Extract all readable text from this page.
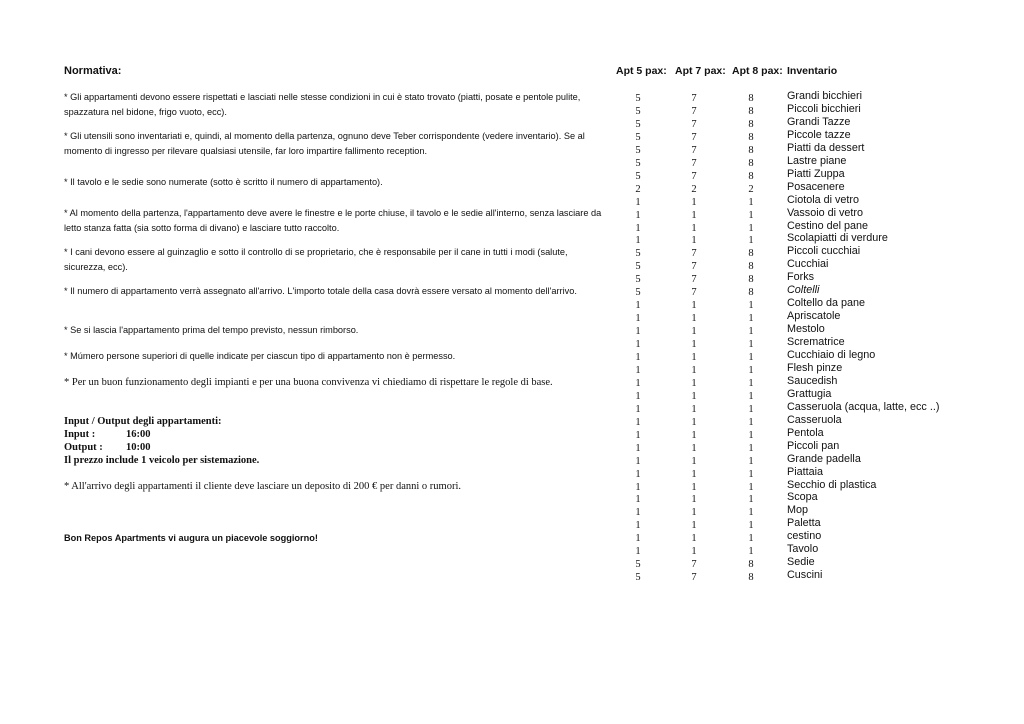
Normativa:
* Gli appartamenti devono essere rispettati e lasciati nelle stesse condizioni in cui è stato trovato (piatti, posate e pentole pulite, spazzatura nel bidone, frigo vuoto, ecc).
* Gli utensili sono inventariati e, quindi, al momento della partenza, ognuno deve Teber corrispondente (vedere inventario). Se al momento di ingresso per rilevare qualsiasi utensile, far loro impartire fallimento reception.
* Il tavolo e le sedie sono numerate (sotto è scritto il numero di appartamento).
* Al momento della partenza, l'appartamento deve avere le finestre e le porte chiuse, il tavolo e le sedie all'interno, senza lasciare da letto stanza fatta (sia sotto forma di divano) e lasciare tutto raccolto.
* I cani devono essere al guinzaglio e sotto il controllo di se proprietario, che è responsabile per il cane in tutti i modi (salute, sicurezza, ecc).
* Il numero di appartamento verrà assegnato all'arrivo. L'importo totale della casa dovrà essere versato al momento dell'arrivo.
* Se si lascia l'appartamento prima del tempo previsto, nessun rimborso.
* Múmero persone superiori di quelle indicate per ciascun tipo di appartamento non è permesso.
* Per un buon funzionamento degli impianti e per una buona convivenza vi chiediamo di rispettare le regole di base.
Input / Output degli appartamenti:
Input :	16:00
Output : 10:00
Il prezzo include 1 veicolo per sistemazione.
* All'arrivo degli appartamenti il cliente deve lasciare un deposito di 200 € per danni o rumori.
Bon Repos Apartments vi augura un piacevole soggiorno!
Apt 5 pax: Apt 7 pax: Apt 8 pax: Inventario
5	7	8	Grandi bicchieri
5	7	8	Piccoli bicchieri
5	7	8	Grandi Tazze
5	7	8	Piccole tazze
5	7	8	Piatti da dessert
5	7	8	Lastre piane
5	7	8	Piatti Zuppa
2	2	2	Posacenere
1	1	1	Ciotola di vetro
1	1	1	Vassoio di vetro
1	1	1	Cestino del pane
1	1	1	Scolapiatti di verdure
5	7	8	Piccoli cucchiai
5	7	8	Cucchiai
5	7	8	Forks
5	7	8	Coltelli
1	1	1	Coltello da pane
1	1	1	Apriscatole
1	1	1	Mestolo
1	1	1	Scrematrice
1	1	1	Cucchiaio di legno
1	1	1	Flesh pinze
1	1	1	Saucedish
1	1	1	Grattugia
1	1	1	Casseruola (acqua, latte, ecc ..)
1	1	1	Casseruola
1	1	1	Pentola
1	1	1	Piccoli pan
1	1	1	Grande padella
1	1	1	Piattaia
1	1	1	Secchio di plastica
1	1	1	Scopa
1	1	1	Mop
1	1	1	Paletta
1	1	1	cestino
1	1	1	Tavolo
5	7	8	Sedie
5	7	8	Cuscini
